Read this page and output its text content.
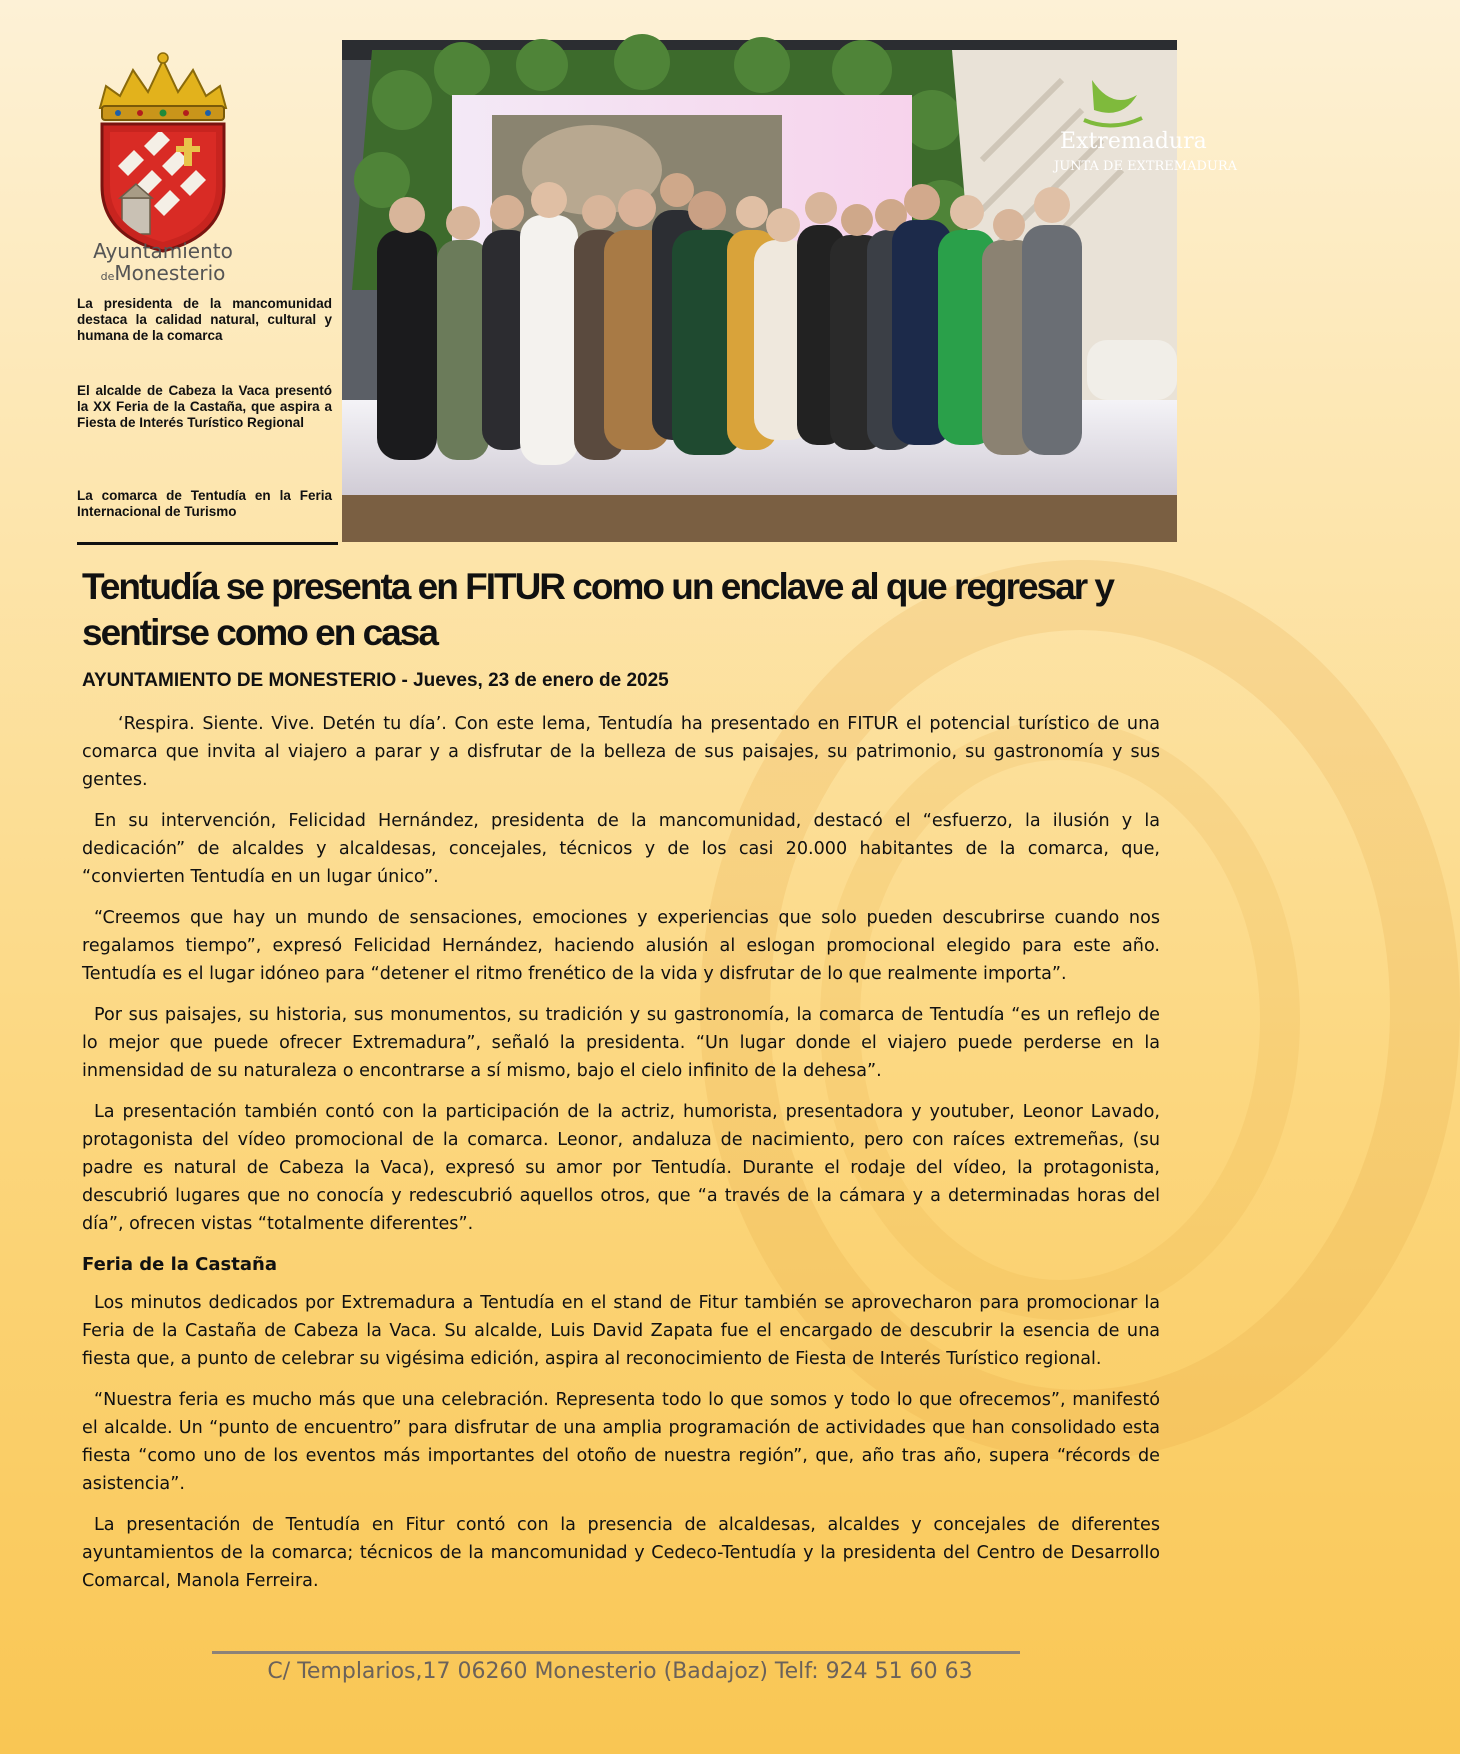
Ayuntamiento
deMonesterio
La presidenta de la mancomunidad destaca la calidad natural, cultural y humana de la comarca
El alcalde de Cabeza la Vaca presentó la XX Feria de la Castaña, que aspira a Fiesta de Interés Turístico Regional
La comarca de Tentudía en la Feria Internacional de Turismo
Extremadura
JUNTA DE EXTREMADURA
Tentudía se presenta en FITUR como un enclave al que regresar y sentirse como en casa
AYUNTAMIENTO DE MONESTERIO - Jueves, 23 de enero de 2025

‘Respira. Siente. Vive. Detén tu día’. Con este lema, Tentudía ha presentado en FITUR el potencial turístico de una comarca que invita al viajero a parar y a disfrutar de la belleza de sus paisajes, su patrimonio, su gastronomía y sus gentes.

En su intervención, Felicidad Hernández, presidenta de la mancomunidad, destacó el “esfuerzo, la ilusión y la dedicación” de alcaldes y alcaldesas, concejales, técnicos y de los casi 20.000 habitantes de la comarca, que, “convierten Tentudía en un lugar único”.

“Creemos que hay un mundo de sensaciones, emociones y experiencias que solo pueden descubrirse cuando nos regalamos tiempo”, expresó Felicidad Hernández, haciendo alusión al eslogan promocional elegido para este año. Tentudía es el lugar idóneo para “detener el ritmo frenético de la vida y disfrutar de lo que realmente importa”.

Por sus paisajes, su historia, sus monumentos, su tradición y su gastronomía, la comarca de Tentudía “es un reflejo de lo mejor que puede ofrecer Extremadura”, señaló la presidenta. “Un lugar donde el viajero puede perderse en la inmensidad de su naturaleza o encontrarse a sí mismo, bajo el cielo infinito de la dehesa”.

La presentación también contó con la participación de la actriz, humorista, presentadora y youtuber, Leonor Lavado, protagonista del vídeo promocional de la comarca. Leonor, andaluza de nacimiento, pero con raíces extremeñas, (su padre es natural de Cabeza la Vaca), expresó su amor por Tentudía. Durante el rodaje del vídeo, la protagonista, descubrió lugares que no conocía y redescubrió aquellos otros, que “a través de la cámara y a determinadas horas del día”, ofrecen vistas “totalmente diferentes”.

Feria de la Castaña

Los minutos dedicados por Extremadura a Tentudía en el stand de Fitur también se aprovecharon para promocionar la Feria de la Castaña de Cabeza la Vaca. Su alcalde, Luis David Zapata fue el encargado de descubrir la esencia de una fiesta que, a punto de celebrar su vigésima edición, aspira al reconocimiento de Fiesta de Interés Turístico regional.

“Nuestra feria es mucho más que una celebración. Representa todo lo que somos y todo lo que ofrecemos”, manifestó el alcalde. Un “punto de encuentro” para disfrutar de una amplia programación de actividades que han consolidado esta fiesta “como uno de los eventos más importantes del otoño de nuestra región”, que, año tras año, supera “récords de asistencia”.

La presentación de Tentudía en Fitur contó con la presencia de alcaldesas, alcaldes y concejales de diferentes ayuntamientos de la comarca; técnicos de la mancomunidad y Cedeco-Tentudía y la presidenta del Centro de Desarrollo Comarcal, Manola Ferreira.

C/ Templarios,17 06260 Monesterio (Badajoz) Telf: 924 51 60 63
